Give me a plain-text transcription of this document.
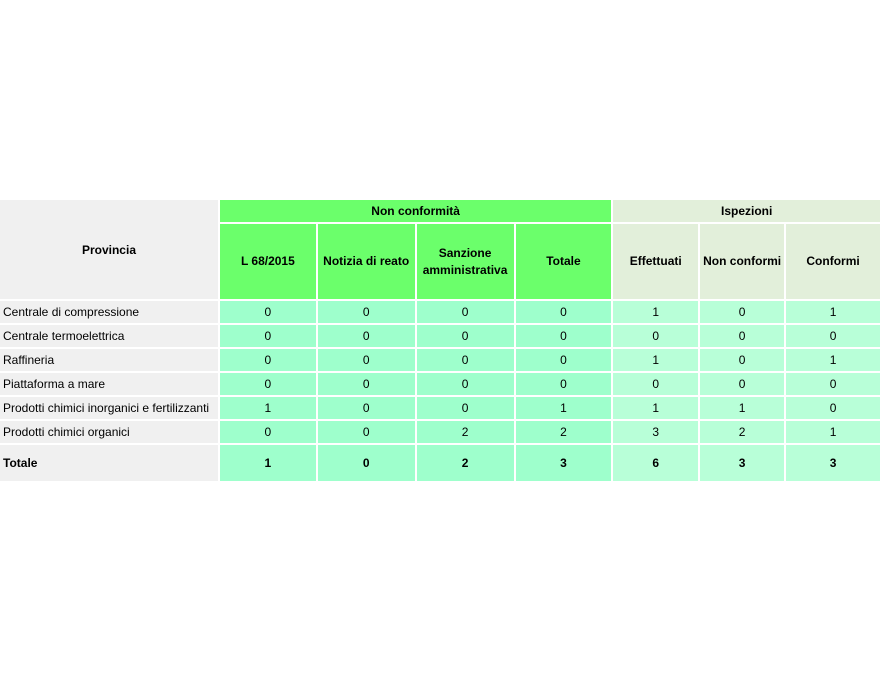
Provincia	Non conformità				Ispezioni		
	L 68/2015	Notizia di reato	Sanzione amministrativa	Totale	Effettuati	Non conformi	Conformi
Centrale di compressione	0	0	0	0	1	0	1
Centrale termoelettrica	0	0	0	0	0	0	0
Raffineria	0	0	0	0	1	0	1
Piattaforma a mare	0	0	0	0	0	0	0
Prodotti chimici inorganici e fertilizzanti	1	0	0	1	1	1	0
Prodotti chimici organici	0	0	2	2	3	2	1
Totale	1	0	2	3	6	3	3
